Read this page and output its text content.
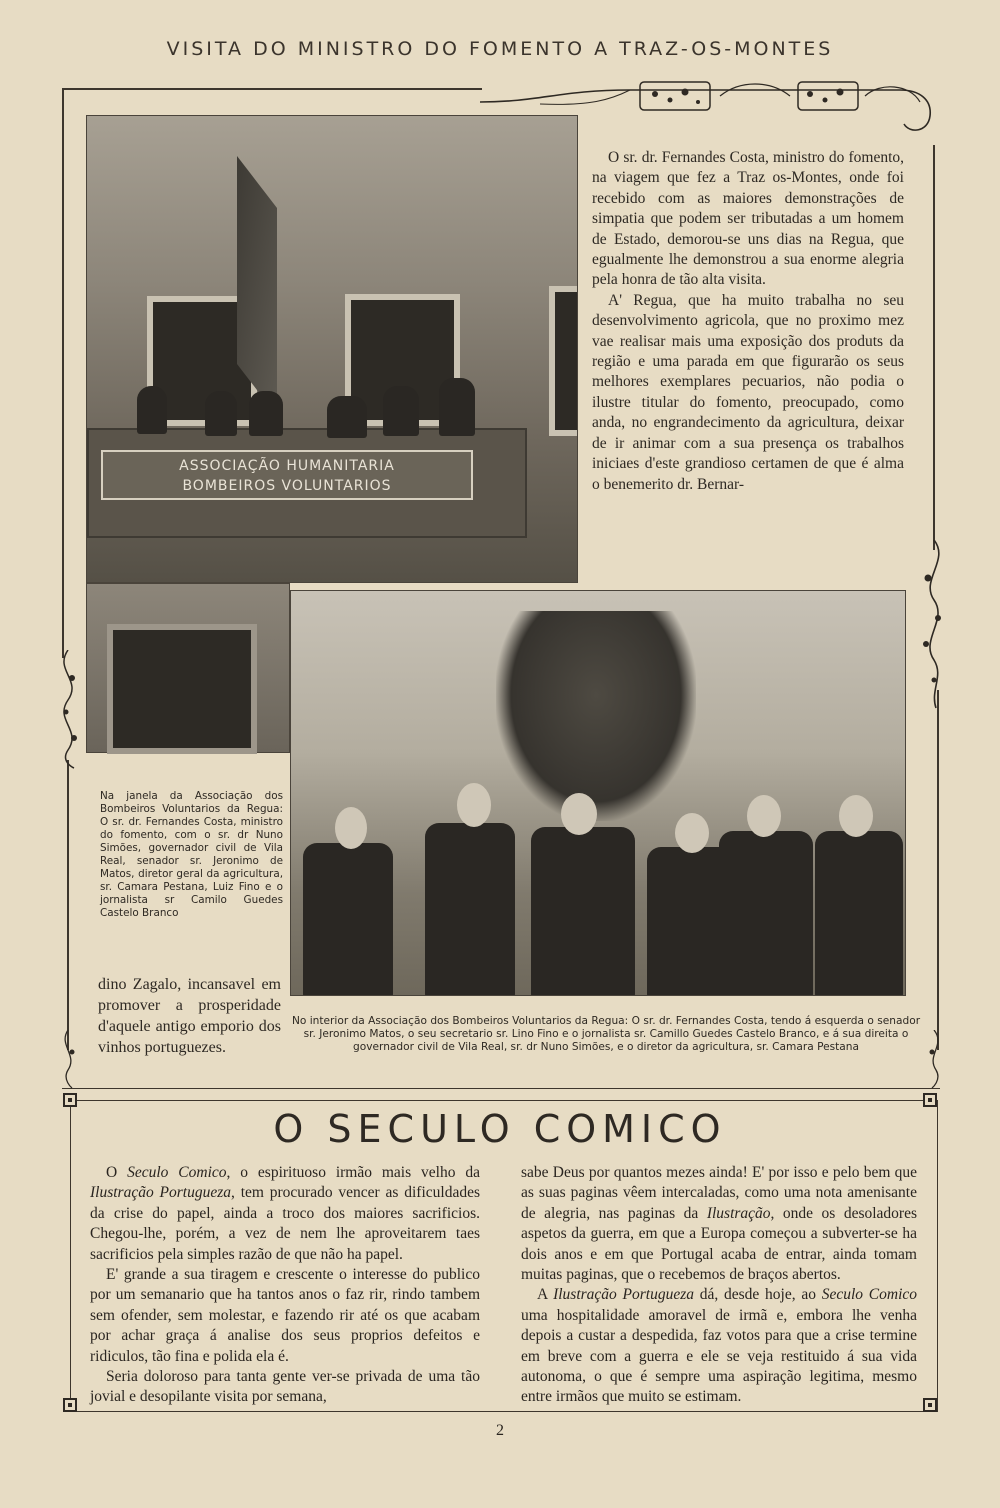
VISITA DO MINISTRO DO FOMENTO A TRAZ-OS-MONTES
ASSOCIAÇÃO HUMANITARIA
BOMBEIROS VOLUNTARIOS

O sr. dr. Fernandes Costa, ministro do fomento, na viagem que fez a Traz os-Montes, onde foi recebido com as maiores demonstrações de simpatia que podem ser tributadas a um homem de Estado, demorou-se uns dias na Regua, que egualmente lhe demonstrou a sua enorme alegria pela honra de tão alta visita.

A' Regua, que ha muito trabalha no seu desenvolvimento agricola, que no proximo mez vae realisar mais uma exposição dos produts da região e uma parada em que figurarão os seus melhores exemplares pecuarios, não podia o ilustre titular do fomento, preocupado, como anda, no engrandecimento da agricultura, deixar de ir animar com a sua presença os trabalhos iniciaes d'este grandioso certamen de que é alma o benemerito dr. Bernar-

Na janela da Associação dos Bombeiros Voluntarios da Regua: O sr. dr. Fernandes Costa, ministro do fomento, com o sr. dr Nuno Simões, governador civil de Vila Real, senador sr. Jeronimo de Matos, diretor geral da agricultura, sr. Camara Pestana, Luiz Fino e o jornalista sr Camilo Guedes Castelo Branco
No interior da Associação dos Bombeiros Voluntarios da Regua: O sr. dr. Fernandes Costa, tendo á esquerda o senador sr. Jeronimo Matos, o seu secretario sr. Lino Fino e o jornalista sr. Camillo Guedes Castelo Branco, e á sua direita o governador civil de Vila Real, sr. dr Nuno Simões, e o diretor da agricultura, sr. Camara Pestana
dino Zagalo, incansavel em promover a prosperidade d'aquele antigo emporio dos vinhos portuguezes.
O SECULO COMICO

O Seculo Comico, o espirituoso irmão mais velho da Ilustração Portugueza, tem procurado vencer as dificuldades da crise do papel, ainda a troco dos maiores sacrificios. Chegou-lhe, porém, a vez de nem lhe aproveitarem taes sacrificios pela simples razão de que não ha papel.

E' grande a sua tiragem e crescente o interesse do publico por um semanario que ha tantos anos o faz rir, rindo tambem sem ofender, sem molestar, e fazendo rir até os que acabam por achar graça á analise dos seus proprios defeitos e ridiculos, tão fina e polida ela é.

Seria doloroso para tanta gente ver-se privada de uma tão jovial e desopilante visita por semana,

sabe Deus por quantos mezes ainda! E' por isso e pelo bem que as suas paginas vêem intercaladas, como uma nota amenisante de alegria, nas paginas da Ilustração, onde os desoladores aspetos da guerra, em que a Europa começou a subverter-se ha dois anos e em que Portugal acaba de entrar, ainda tomam muitas paginas, que o recebemos de braços abertos.

A Ilustração Portugueza dá, desde hoje, ao Seculo Comico uma hospitalidade amoravel de irmã e, embora lhe venha depois a custar a despedida, faz votos para que a crise termine em breve com a guerra e ele se veja restituido á sua vida autonoma, o que é sempre uma aspiração legitima, mesmo entre irmãos que muito se estimam.

2
